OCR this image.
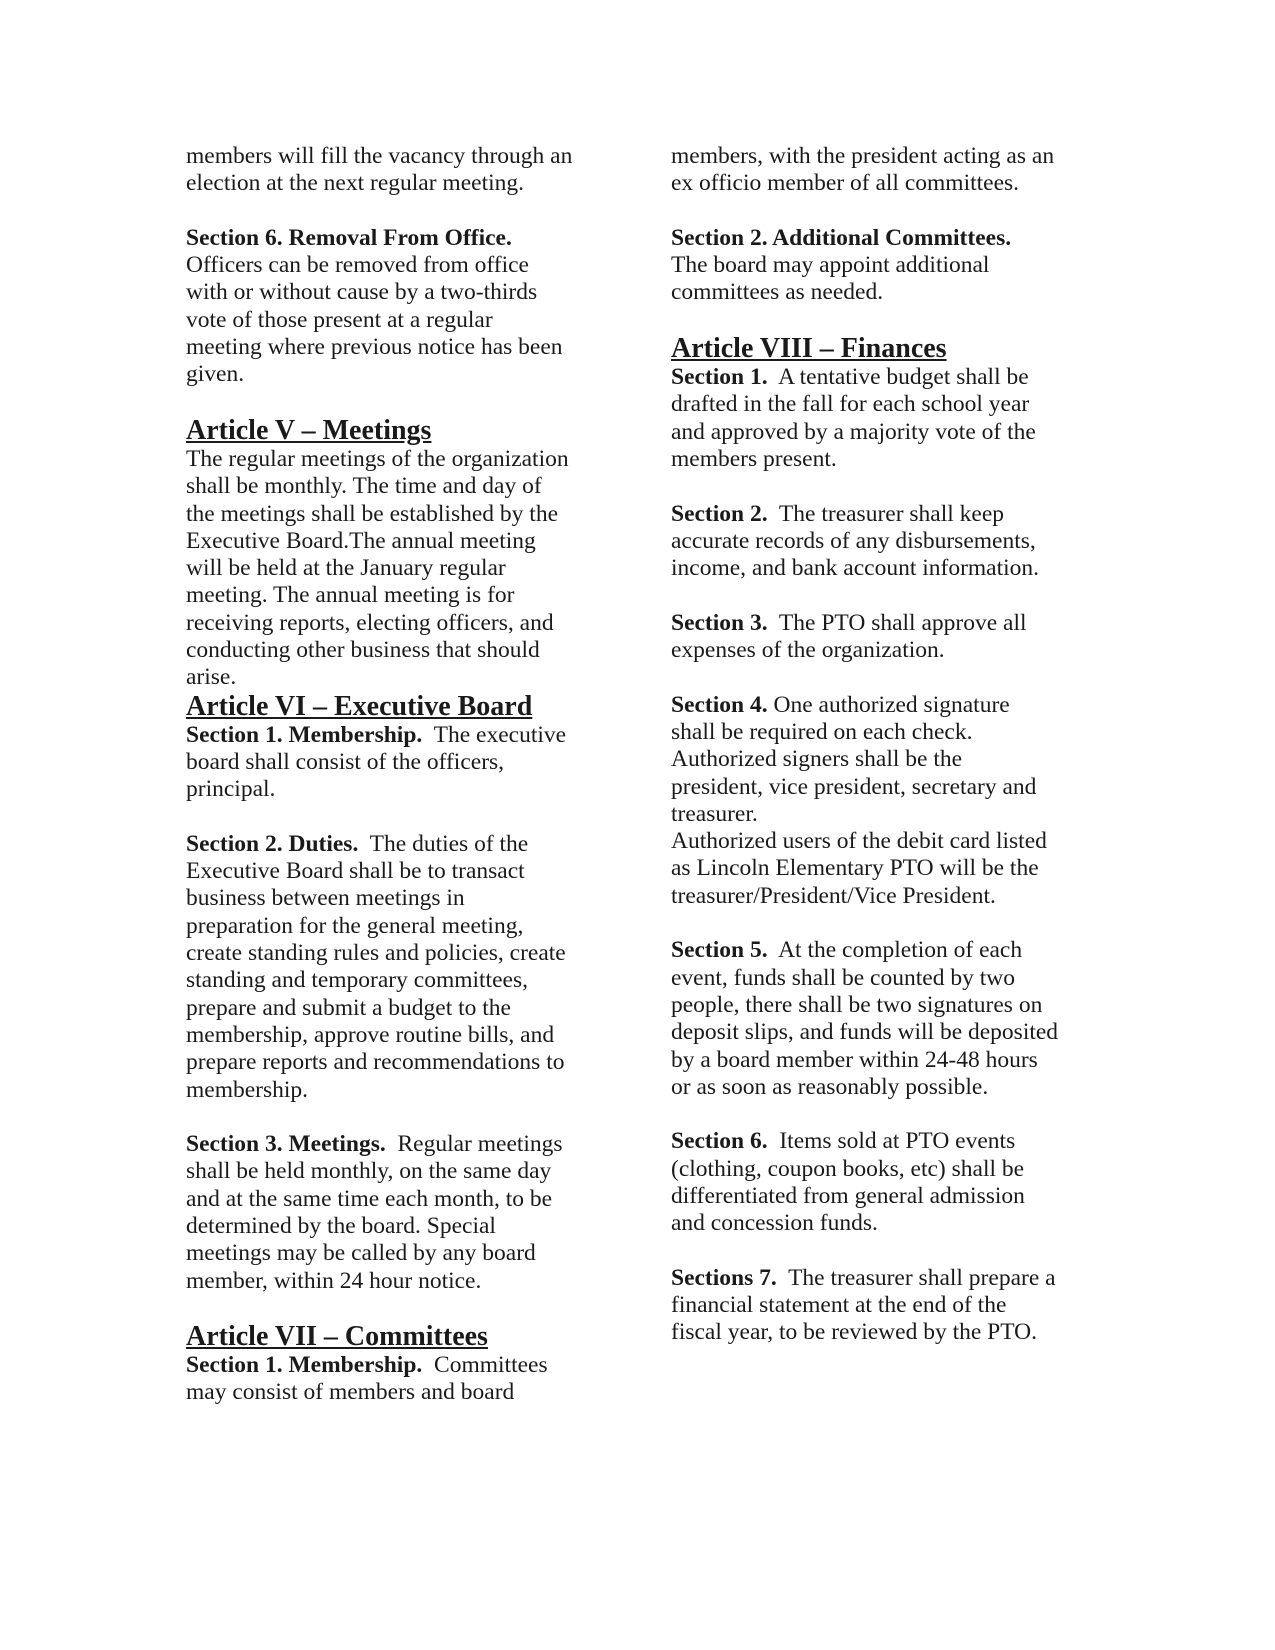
members will fill the vacancy through an
election at the next regular meeting.
Section 6. Removal From Office.
Officers can be removed from office
with or without cause by a two-thirds
vote of those present at a regular
meeting where previous notice has been
given.
Article V – Meetings
The regular meetings of the organization
shall be monthly. The time and day of
the meetings shall be established by the
Executive Board.The annual meeting
will be held at the January regular
meeting. The annual meeting is for
receiving reports, electing officers, and
conducting other business that should
arise.
Article VI – Executive Board
Section 1. Membership.  The executive
board shall consist of the officers,
principal.
Section 2. Duties.  The duties of the
Executive Board shall be to transact
business between meetings in
preparation for the general meeting,
create standing rules and policies, create
standing and temporary committees,
prepare and submit a budget to the
membership, approve routine bills, and
prepare reports and recommendations to
membership.
Section 3. Meetings.  Regular meetings
shall be held monthly, on the same day
and at the same time each month, to be
determined by the board. Special
meetings may be called by any board
member, within 24 hour notice.
Article VII – Committees
Section 1. Membership.  Committees
may consist of members and board
members, with the president acting as an
ex officio member of all committees.
Section 2. Additional Committees.
The board may appoint additional
committees as needed.
Article VIII – Finances
Section 1.  A tentative budget shall be
drafted in the fall for each school year
and approved by a majority vote of the
members present.
Section 2.  The treasurer shall keep
accurate records of any disbursements,
income, and bank account information.
Section 3.  The PTO shall approve all
expenses of the organization.
Section 4. One authorized signature
shall be required on each check.
Authorized signers shall be the
president, vice president, secretary and
treasurer.
Authorized users of the debit card listed
as Lincoln Elementary PTO will be the
treasurer/President/Vice President.
Section 5.  At the completion of each
event, funds shall be counted by two
people, there shall be two signatures on
deposit slips, and funds will be deposited
by a board member within 24-48 hours
or as soon as reasonably possible.
Section 6.  Items sold at PTO events
(clothing, coupon books, etc) shall be
differentiated from general admission
and concession funds.
Sections 7.  The treasurer shall prepare a
financial statement at the end of the
fiscal year, to be reviewed by the PTO.
